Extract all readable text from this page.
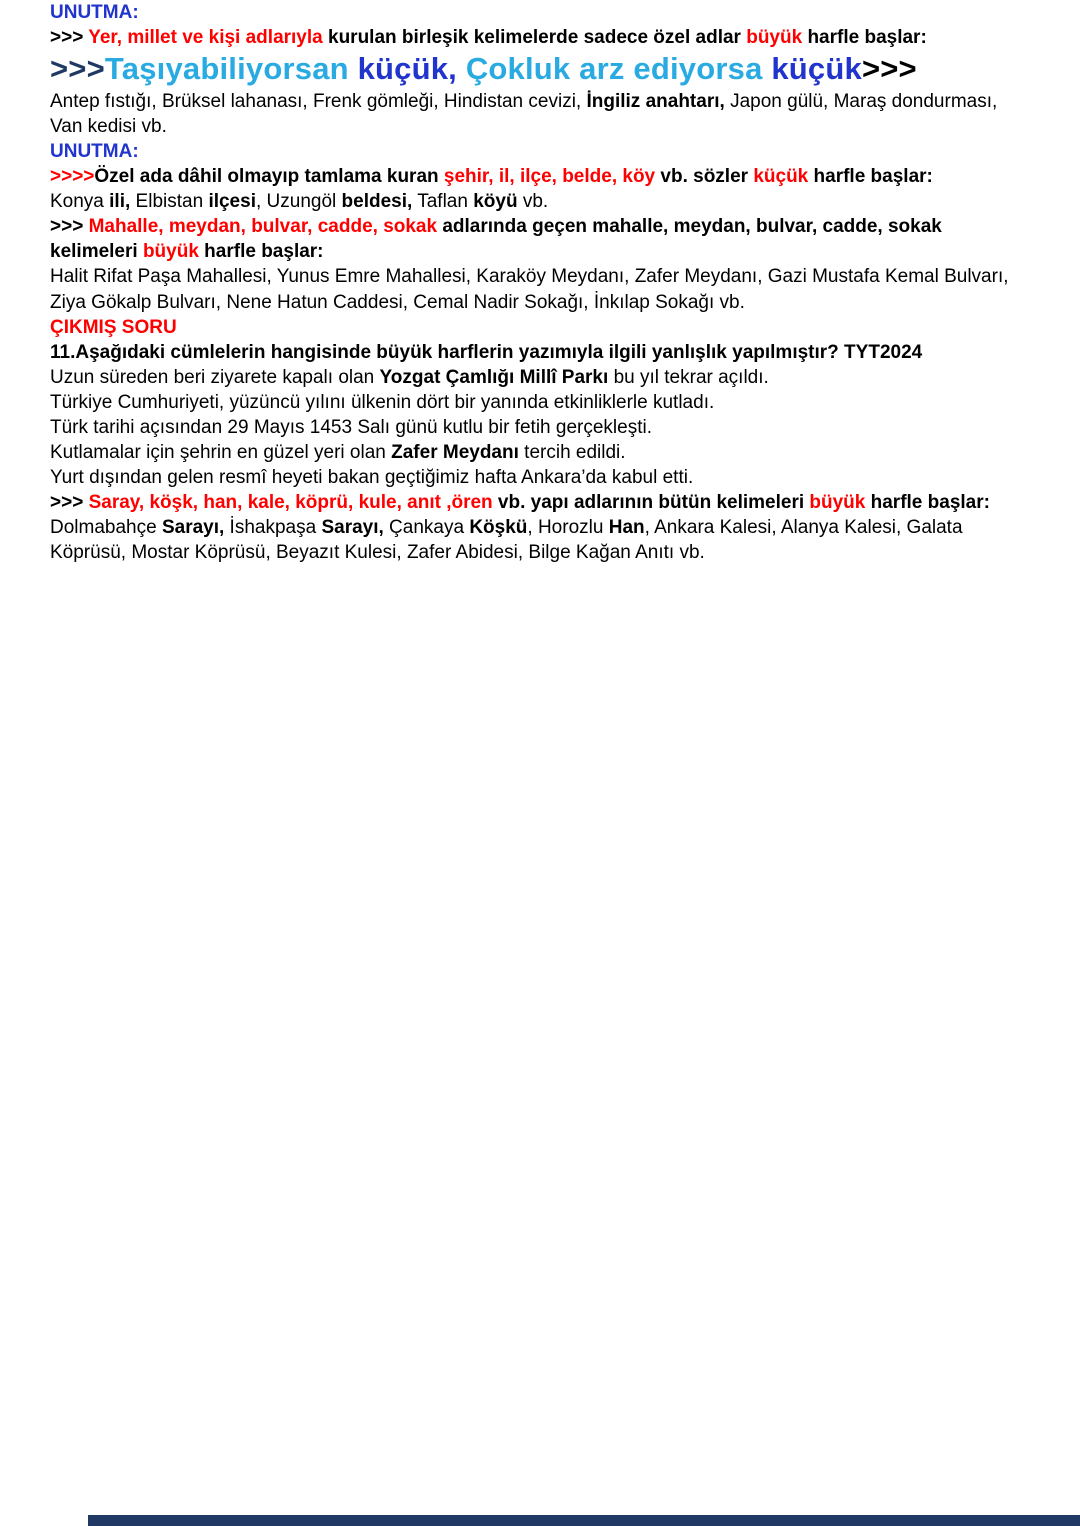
UNUTMA:

>>> Yer, millet ve kişi adlarıyla kurulan birleşik kelimelerde sadece özel adlar büyük harfle başlar:

>>>Taşıyabiliyorsan küçük, Çokluk arz ediyorsa küçük>>>

Antep fıstığı, Brüksel lahanası, Frenk gömleği, Hindistan cevizi, İngiliz anahtarı, Japon gülü, Maraş dondurması, Van kedisi vb.

UNUTMA:

>>>>Özel ada dâhil olmayıp tamlama kuran şehir, il, ilçe, belde, köy vb. sözler küçük harfle başlar:

Konya ili, Elbistan ilçesi, Uzungöl beldesi, Taflan köyü vb.

>>> Mahalle, meydan, bulvar, cadde, sokak adlarında geçen mahalle, meydan, bulvar, cadde, sokak kelimeleri büyük harfle başlar:

Halit Rifat Paşa Mahallesi, Yunus Emre Mahallesi, Karaköy Meydanı, Zafer Meydanı, Gazi Mustafa Kemal Bulvarı, Ziya Gökalp Bulvarı, Nene Hatun Caddesi, Cemal Nadir Sokağı, İnkılap Sokağı vb.

ÇIKMIŞ SORU

11.Aşağıdaki cümlelerin hangisinde büyük harflerin yazımıyla ilgili yanlışlık yapılmıştır? TYT2024

Uzun süreden beri ziyarete kapalı olan Yozgat Çamlığı Millî Parkı bu yıl tekrar açıldı.

Türkiye Cumhuriyeti, yüzüncü yılını ülkenin dört bir yanında etkinliklerle kutladı.

Türk tarihi açısından 29 Mayıs 1453 Salı günü kutlu bir fetih gerçekleşti.

Kutlamalar için şehrin en güzel yeri olan Zafer Meydanı tercih edildi.

Yurt dışından gelen resmî heyeti bakan geçtiğimiz hafta Ankara’da kabul etti.

>>> Saray, köşk, han, kale, köprü, kule, anıt ,ören vb. yapı adlarının bütün kelimeleri büyük harfle başlar:

Dolmabahçe Sarayı, İshakpaşa Sarayı, Çankaya Köşkü, Horozlu Han, Ankara Kalesi, Alanya Kalesi, Galata Köprüsü, Mostar Köprüsü, Beyazıt Kulesi, Zafer Abidesi, Bilge Kağan Anıtı vb.
